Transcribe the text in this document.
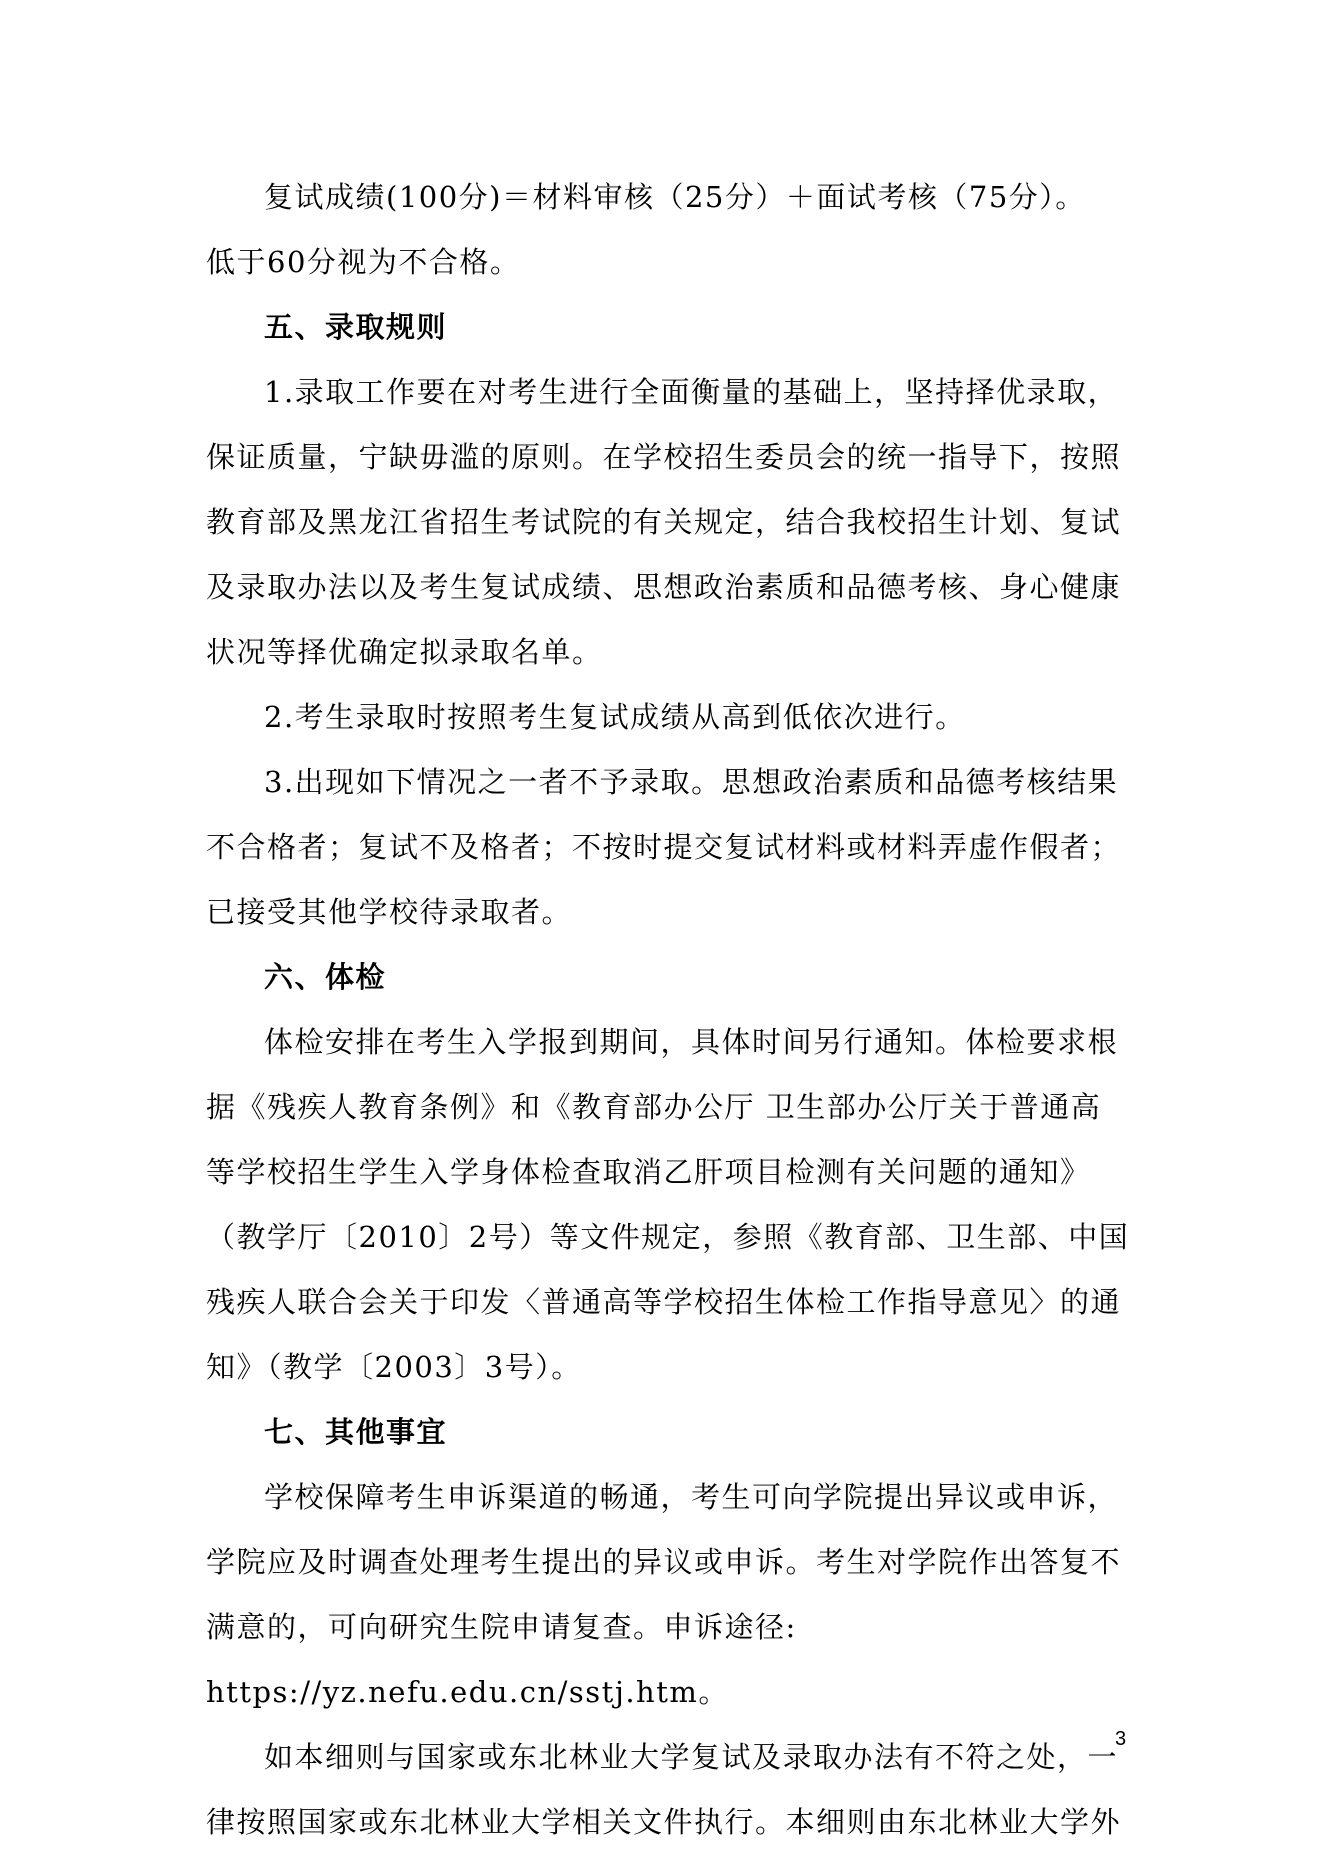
复试成绩(100分)＝材料审核（25分）＋面试考核（75分）。
低于60分视为不合格。
五、录取规则
1.录取工作要在对考生进行全面衡量的基础上，坚持择优录取，
保证质量，宁缺毋滥的原则。在学校招生委员会的统一指导下，按照
教育部及黑龙江省招生考试院的有关规定，结合我校招生计划、复试
及录取办法以及考生复试成绩、思想政治素质和品德考核、身心健康
状况等择优确定拟录取名单。
2.考生录取时按照考生复试成绩从高到低依次进行。
3.出现如下情况之一者不予录取。思想政治素质和品德考核结果
不合格者；复试不及格者；不按时提交复试材料或材料弄虚作假者；
已接受其他学校待录取者。
六、体检
体检安排在考生入学报到期间，具体时间另行通知。体检要求根
据《残疾人教育条例》和《教育部办公厅 卫生部办公厅关于普通高
等学校招生学生入学身体检查取消乙肝项目检测有关问题的通知》
（教学厅〔2010〕2号）等文件规定，参照《教育部、卫生部、中国
残疾人联合会关于印发〈普通高等学校招生体检工作指导意见〉的通
知》（教学〔2003〕3号）。
七、其他事宜
学校保障考生申诉渠道的畅通，考生可向学院提出异议或申诉，
学院应及时调查处理考生提出的异议或申诉。考生对学院作出答复不
满意的，可向研究生院申请复查。申诉途径:
https://yz.nefu.edu.cn/sstj.htm。
如本细则与国家或东北林业大学复试及录取办法有不符之处，一
律按照国家或东北林业大学相关文件执行。本细则由东北林业大学外
3
